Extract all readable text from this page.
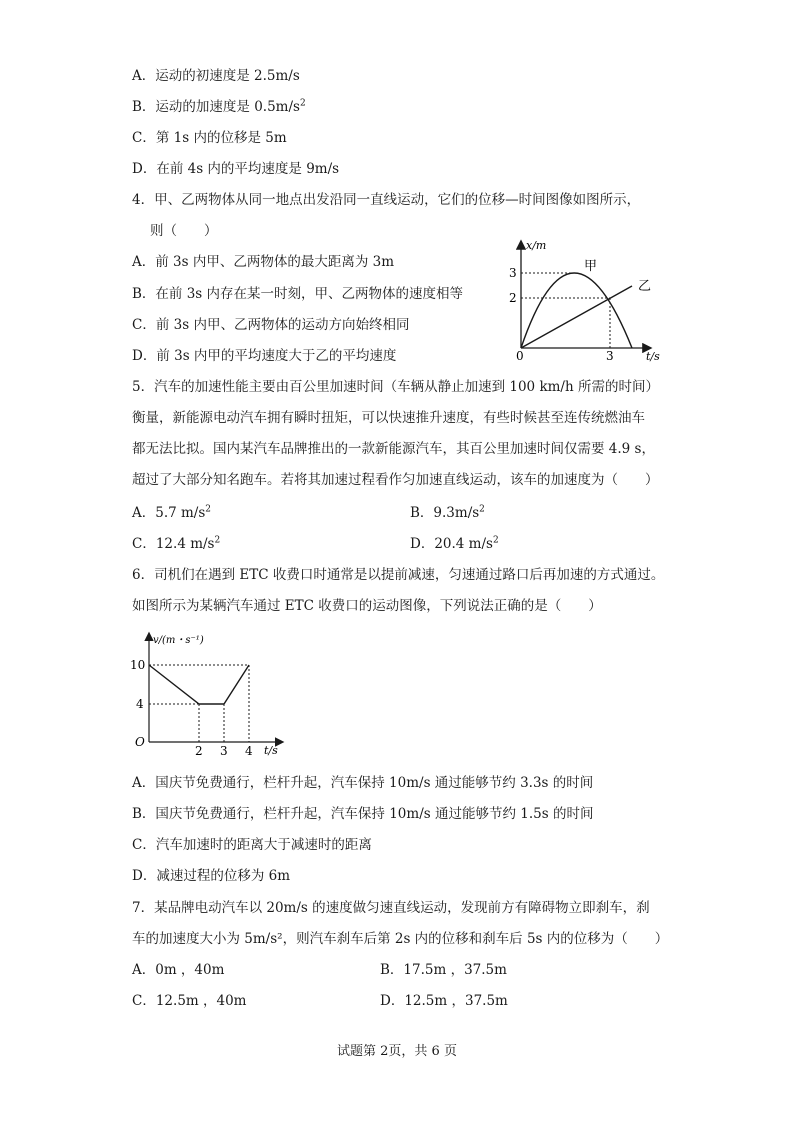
A．运动的初速度是 2.5m/s
B．运动的加速度是 $0.5m/s^2$
C．第 1s 内的位移是 5m
D．在前 4s 内的平均速度是 9m/s
4．甲、乙两物体从同一地点出发沿同一直线运动，它们的位移—时间图像如图所示，
则（　　）
A．前 3s 内甲、乙两物体的最大距离为 3m
B．在前 3s 内存在某一时刻，甲、乙两物体的速度相等
C．前 3s 内甲、乙两物体的运动方向始终相同
D．前 3s 内甲的平均速度大于乙的平均速度
x/m
t/s
0
3
2
3
甲
乙
5．汽车的加速性能主要由百公里加速时间（车辆从静止加速到 100 km/h 所需的时间）
衡量，新能源电动汽车拥有瞬时扭矩，可以快速推升速度，有些时候甚至连传统燃油车
都无法比拟。国内某汽车品牌推出的一款新能源汽车，其百公里加速时间仅需要 4.9 s，
超过了大部分知名跑车。若将其加速过程看作匀加速直线运动，该车的加速度为（　　）
A．5.7 $m/s^2$	B．$9.3m/s^2$
C．12.4 $m/s^2$	D．20.4 $m/s^2$
6．司机们在遇到 ETC 收费口时通常是以提前减速，匀速通过路口后再加速的方式通过。
如图所示为某辆汽车通过 ETC 收费口的运动图像，下列说法正确的是（　　）
v/(m・s⁻¹)
t/s
O
10
4
2 3 4
A．国庆节免费通行，栏杆升起，汽车保持 10m/s 通过能够节约 3.3s 的时间
B．国庆节免费通行，栏杆升起，汽车保持 10m/s 通过能够节约 1.5s 的时间
C．汽车加速时的距离大于减速时的距离
D．减速过程的位移为 6m
7．某品牌电动汽车以 20m/s 的速度做匀速直线运动，发现前方有障碍物立即刹车，刹
车的加速度大小为 5m/s²，则汽车刹车后第 2s 内的位移和刹车后 5s 内的位移为（　　）
A．0m ，40m	B．17.5m ，37.5m
C．12.5m ，40m	D．12.5m ，37.5m
试题第 2页，共 6 页
